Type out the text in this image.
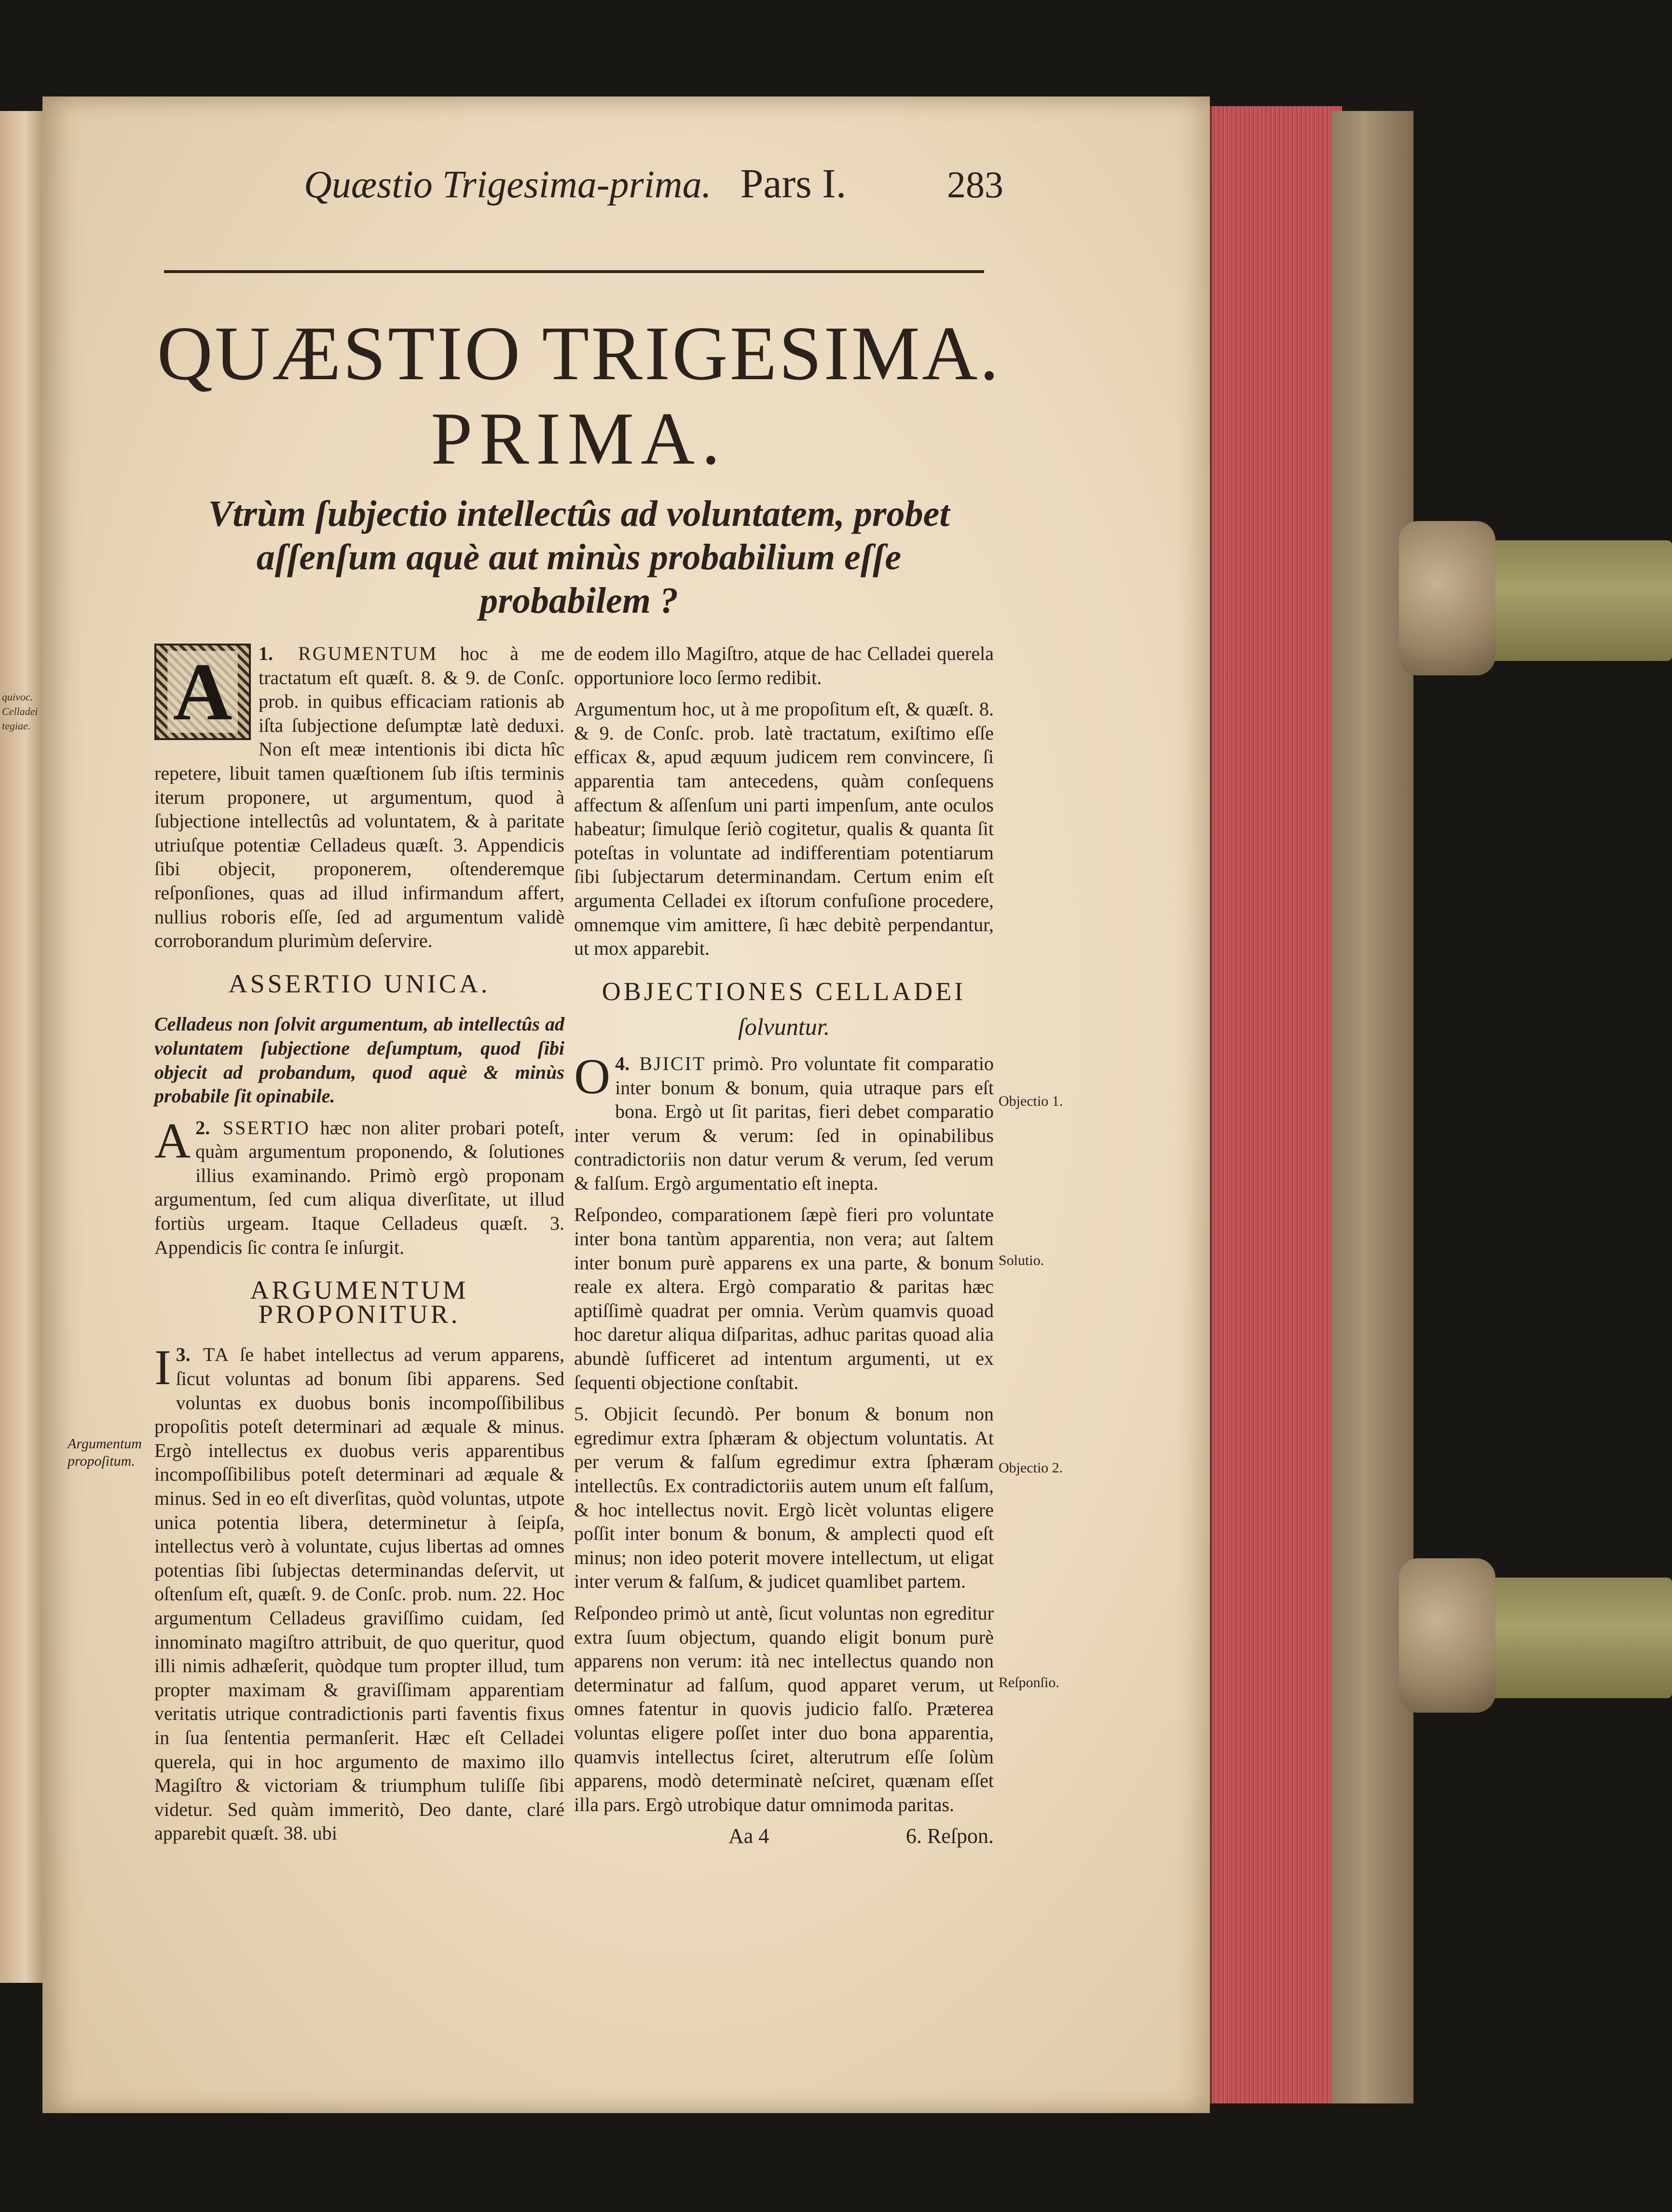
quivoc. Celladei tegiae.
Quæstio Trigesima-prima. Pars I.	283
QUÆSTIO TRIGESIMA.
PRIMA.
Vtrùm ſubjectio intellectûs ad voluntatem, probet aſſenſum aquè aut minùs probabilium eſſe probabilem ?
1.
A	RGUMENTUM hoc à me tractatum eſt quæſt. 8. & 9. de Conſc. prob. in quibus efficaciam rationis ab iſta ſubjectione deſumptæ latè deduxi. Non eſt meæ intentionis ibi dicta hîc repetere, libuit tamen quæſtionem ſub iſtis terminis iterum proponere, ut argumentum, quod à ſubjectione intellectûs ad voluntatem, & à paritate utriuſque potentiæ Celladeus quæſt. 3. Appendicis ſibi objecit, proponerem, oſtenderemque reſponſiones, quas ad illud infirmandum affert, nullius roboris eſſe, ſed ad argumentum validè corroborandum plurimùm deſervire.
ASSERTIO UNICA.
Celladeus non ſolvit argumentum, ab intellectûs ad voluntatem ſubjectione deſumptum, quod ſibi objecit ad probandum, quod aquè & minùs probabile ſit opinabile.
2.
A SSERTIO hæc non aliter probari poteſt, quàm argumentum proponendo, & ſolutiones illius examinando. Primò ergò proponam argumentum, ſed cum aliqua diverſitate, ut illud fortiùs urgeam. Itaque Celladeus quæſt. 3. Appendicis ſic contra ſe inſurgit.
ARGUMENTUM PROPONITUR.
3.
I TA ſe habet intellectus ad verum apparens, ſicut voluntas ad bonum ſibi apparens. Sed voluntas ex duobus bonis incompoſſibilibus propoſitis poteſt determinari ad æquale & minus. Ergò intellectus ex duobus veris apparentibus incompoſſibilibus poteſt determinari ad æquale & minus. Sed in eo eſt diverſitas, quòd voluntas, utpote unica potentia libera, determinetur à ſeipſa, intellectus verò à voluntate, cujus libertas ad omnes potentias ſibi ſubjectas determinandas deſervit, ut oſtenſum eſt, quæſt. 9. de Conſc. prob. num. 22. Hoc argumentum Celladeus graviſſimo cuidam, ſed innominato magiſtro attribuit, de quo queritur, quod illi nimis adhæſerit, quòdque tum propter illud, tum propter maximam & graviſſimam apparentiam veritatis utrique contradictionis parti faventis fixus in ſua ſententia permanſerit. Hæc eſt Celladei querela, qui in hoc argumento de maximo illo Magiſtro & victoriam & triumphum tuliſſe ſibi videtur. Sed quàm immeritò, Deo dante, claré apparebit quæſt. 38. ubi
de eodem illo Magiſtro, atque de hac Celladei querela opportuniore loco ſermo redibit.
Argumentum hoc, ut à me propoſitum eſt, & quæſt. 8. & 9. de Conſc. prob. latè tractatum, exiſtimo eſſe efficax &, apud æquum judicem rem convincere, ſi apparentia tam antecedens, quàm conſequens affectum & aſſenſum uni parti impenſum, ante oculos habeatur; ſimulque ſeriò cogitetur, qualis & quanta ſit poteſtas in voluntate ad indifferentiam potentiarum ſibi ſubjectarum determinandam. Certum enim eſt argumenta Celladei ex iſtorum confuſione procedere, omnemque vim amittere, ſi hæc debitè perpendantur, ut mox apparebit.
OBJECTIONES CELLADEI
ſolvuntur.
4.
O BJICIT primò. Pro voluntate fit comparatio inter bonum & bonum, quia utraque pars eſt bona. Ergò ut ſit paritas, fieri debet comparatio inter verum & verum: ſed in opinabilibus contradictoriis non datur verum & verum, ſed verum & falſum. Ergò argumentatio eſt inepta.
Reſpondeo, comparationem ſæpè fieri pro voluntate inter bona tantùm apparentia, non vera; aut ſaltem inter bonum purè apparens ex una parte, & bonum reale ex altera. Ergò comparatio & paritas hæc aptiſſimè quadrat per omnia. Verùm quamvis quoad hoc daretur aliqua diſparitas, adhuc paritas quoad alia abundè ſufficeret ad intentum argumenti, ut ex ſequenti objectione conſtabit.
5. Objicit ſecundò. Per bonum & bonum non egredimur extra ſphæram & objectum voluntatis. At per verum & falſum egredimur extra ſphæram intellectûs. Ex contradictoriis autem unum eſt falſum, & hoc intellectus novit. Ergò licèt voluntas eligere poſſit inter bonum & bonum, & amplecti quod eſt minus; non ideo poterit movere intellectum, ut eligat inter verum & falſum, & judicet quamlibet partem.
Reſpondeo primò ut antè, ſicut voluntas non egreditur extra ſuum objectum, quando eligit bonum purè apparens non verum: ità nec intellectus quando non determinatur ad falſum, quod apparet verum, ut omnes fatentur in quovis judicio falſo. Præterea voluntas eligere poſſet inter duo bona apparentia, quamvis intellectus ſciret, alterutrum eſſe ſolùm apparens, modò determinatè neſciret, quænam eſſet illa pars. Ergò utrobique datur omnimoda paritas.
Aa 4	6. Reſpon.
Argumentum propoſitum.
Objectio 1.
Solutio.
Objectio 2.
Reſponſio.
